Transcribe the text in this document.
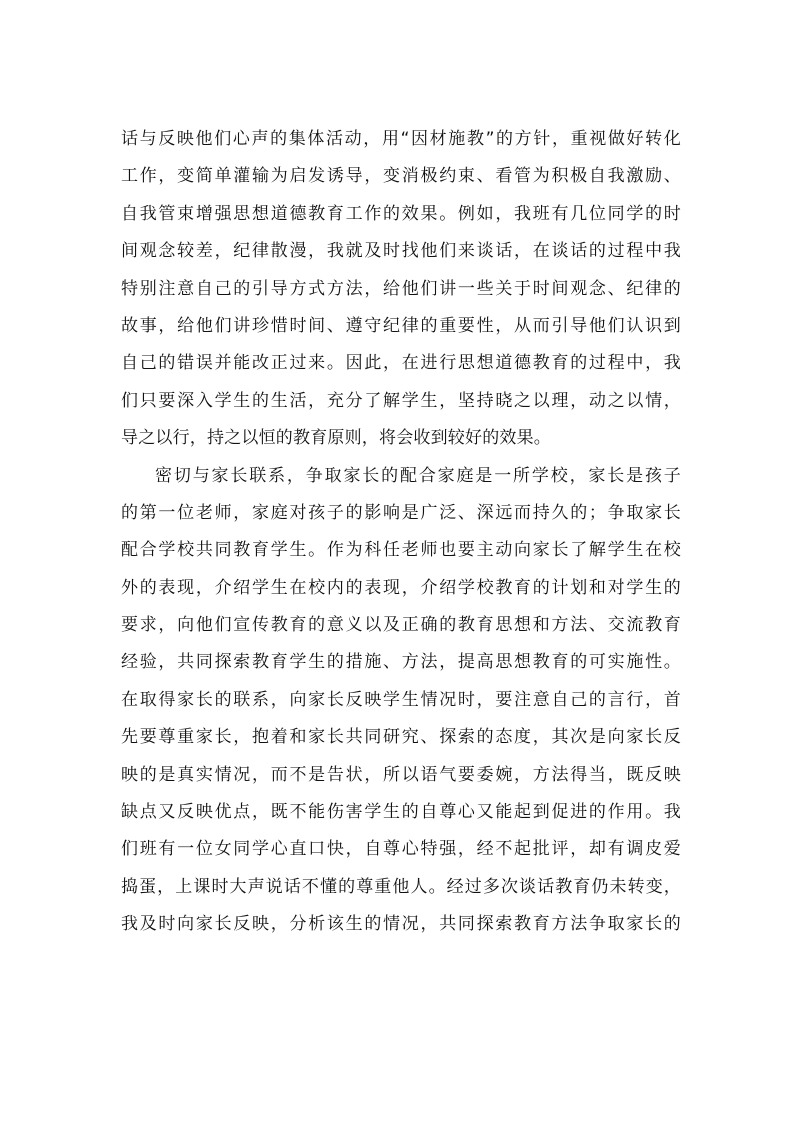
话与反映他们心声的集体活动，用“因材施教”的方针，重视做好转化
工作，变简单灌输为启发诱导，变消极约束、看管为积极自我激励、
自我管束增强思想道德教育工作的效果。例如，我班有几位同学的时
间观念较差，纪律散漫，我就及时找他们来谈话，在谈话的过程中我
特别注意自己的引导方式方法，给他们讲一些关于时间观念、纪律的
故事，给他们讲珍惜时间、遵守纪律的重要性，从而引导他们认识到
自己的错误并能改正过来。因此，在进行思想道德教育的过程中，我
们只要深入学生的生活，充分了解学生，坚持晓之以理，动之以情，
导之以行，持之以恒的教育原则，将会收到较好的效果。
密切与家长联系，争取家长的配合家庭是一所学校，家长是孩子
的第一位老师，家庭对孩子的影响是广泛、深远而持久的；争取家长
配合学校共同教育学生。作为科任老师也要主动向家长了解学生在校
外的表现，介绍学生在校内的表现，介绍学校教育的计划和对学生的
要求，向他们宣传教育的意义以及正确的教育思想和方法、交流教育
经验，共同探索教育学生的措施、方法，提高思想教育的可实施性。
在取得家长的联系，向家长反映学生情况时，要注意自己的言行，首
先要尊重家长，抱着和家长共同研究、探索的态度，其次是向家长反
映的是真实情况，而不是告状，所以语气要委婉，方法得当，既反映
缺点又反映优点，既不能伤害学生的自尊心又能起到促进的作用。我
们班有一位女同学心直口快，自尊心特强，经不起批评，却有调皮爱
捣蛋，上课时大声说话不懂的尊重他人。经过多次谈话教育仍未转变，
我及时向家长反映，分析该生的情况，共同探索教育方法争取家长的
